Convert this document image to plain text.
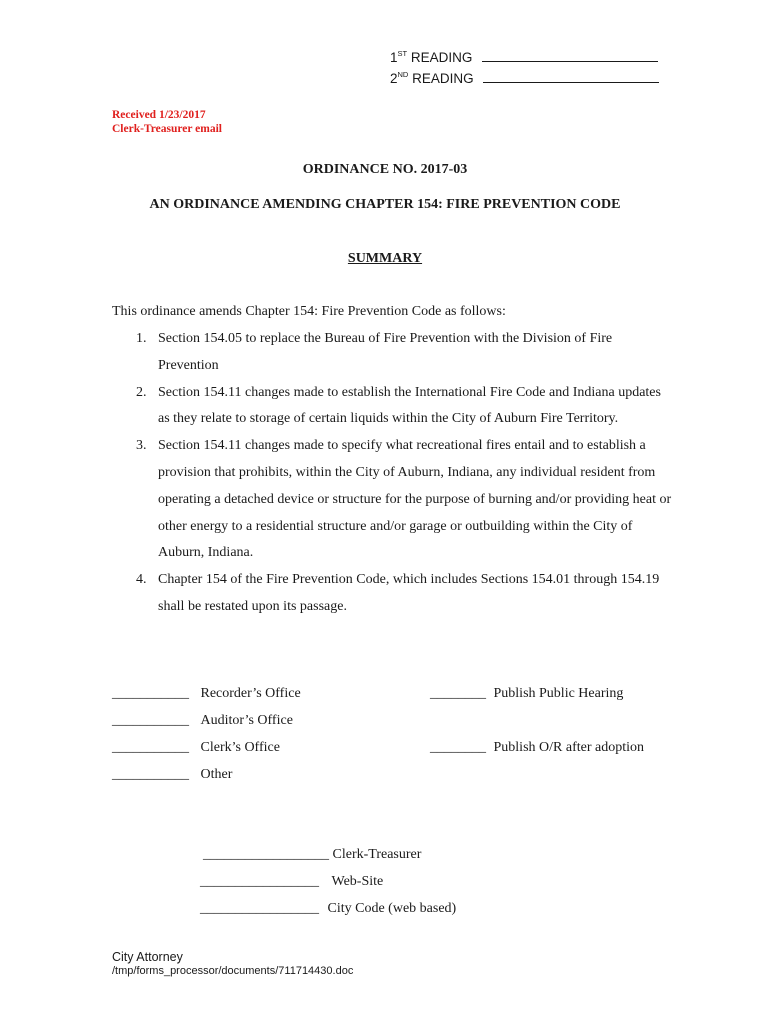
1ST READING
2ND READING
Received 1/23/2017
Clerk-Treasurer email
ORDINANCE NO. 2017-03
AN ORDINANCE AMENDING CHAPTER 154: FIRE PREVENTION CODE
SUMMARY
This ordinance amends Chapter 154: Fire Prevention Code as follows:
1. Section 154.05 to replace the Bureau of Fire Prevention with the Division of Fire Prevention
2. Section 154.11 changes made to establish the International Fire Code and Indiana updates as they relate to storage of certain liquids within the City of Auburn Fire Territory.
3. Section 154.11 changes made to specify what recreational fires entail and to establish a provision that prohibits, within the City of Auburn, Indiana, any individual resident from operating a detached device or structure for the purpose of burning and/or providing heat or other energy to a residential structure and/or garage or outbuilding within the City of Auburn, Indiana.
4. Chapter 154 of the Fire Prevention Code, which includes Sections 154.01 through 154.19 shall be restated upon its passage.
___________ Recorder’s Office
___________ Auditor’s Office
___________ Clerk’s Office
___________ Other
________ Publish Public Hearing
________ Publish O/R after adoption
__________________ Clerk-Treasurer
_________________ Web-Site
_________________ City Code (web based)
City Attorney
/tmp/forms_processor/documents/711714430.doc
